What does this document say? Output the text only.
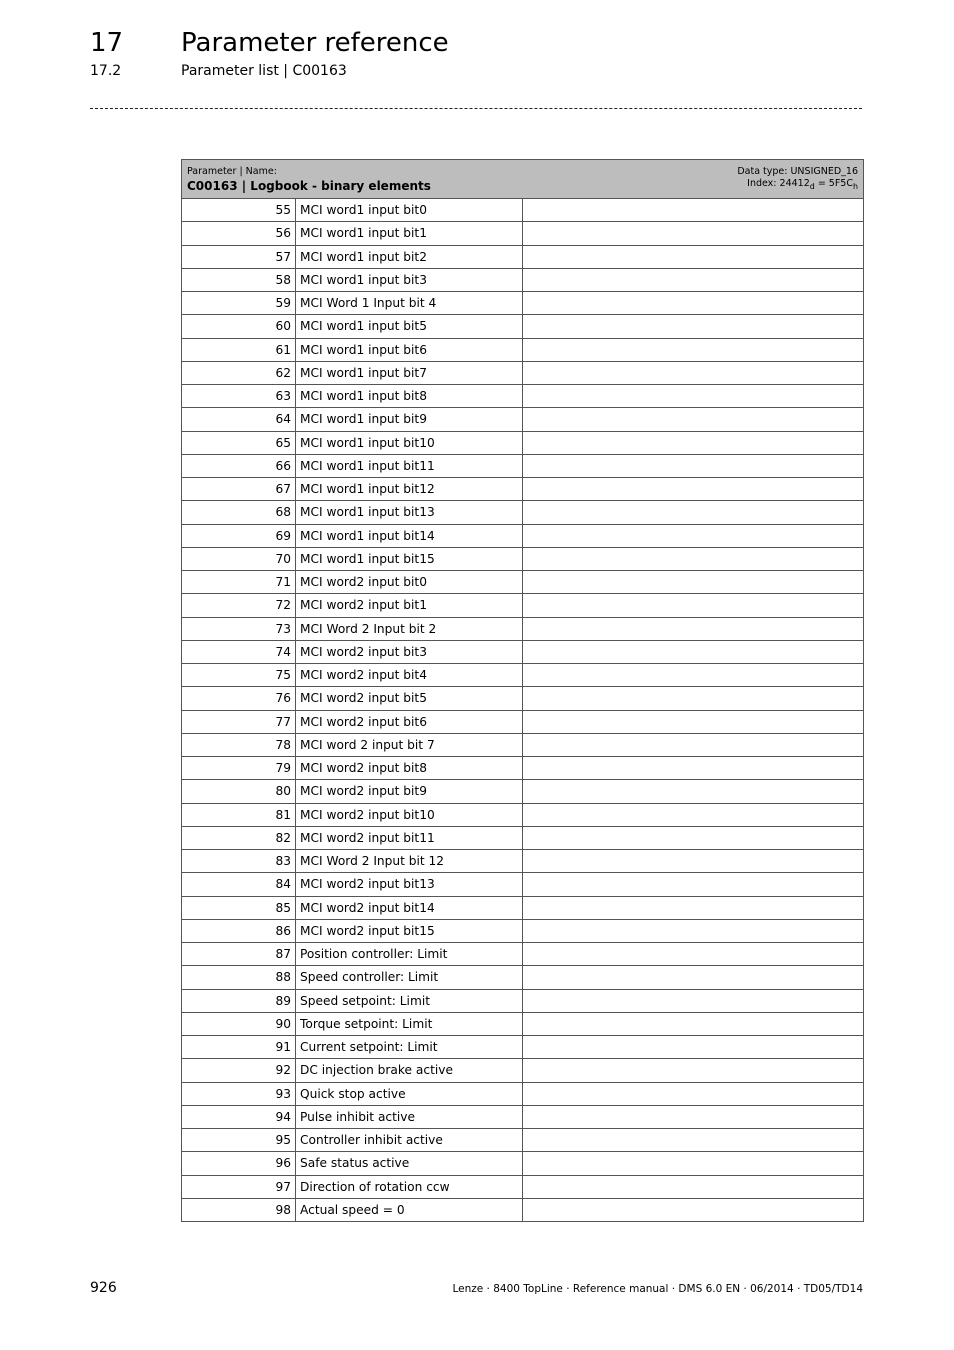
17 Parameter reference
17.2	Parameter list | C00163
Parameter | Name:
C00163 | Logbook - binary elements
Data type: UNSIGNED_16
Index: $24412_d = 5F5C_h$

55	MCI word1 input bit0	
56	MCI word1 input bit1	
57	MCI word1 input bit2	
58	MCI word1 input bit3	
59	MCI Word 1 Input bit 4	
60	MCI word1 input bit5	
61	MCI word1 input bit6	
62	MCI word1 input bit7	
63	MCI word1 input bit8	
64	MCI word1 input bit9	
65	MCI word1 input bit10	
66	MCI word1 input bit11	
67	MCI word1 input bit12	
68	MCI word1 input bit13	
69	MCI word1 input bit14	
70	MCI word1 input bit15	
71	MCI word2 input bit0	
72	MCI word2 input bit1	
73	MCI Word 2 Input bit 2	
74	MCI word2 input bit3	
75	MCI word2 input bit4	
76	MCI word2 input bit5	
77	MCI word2 input bit6	
78	MCI word 2 input bit 7	
79	MCI word2 input bit8	
80	MCI word2 input bit9	
81	MCI word2 input bit10	
82	MCI word2 input bit11	
83	MCI Word 2 Input bit 12	
84	MCI word2 input bit13	
85	MCI word2 input bit14	
86	MCI word2 input bit15	
87	Position controller: Limit	
88	Speed controller: Limit	
89	Speed setpoint: Limit	
90	Torque setpoint: Limit	
91	Current setpoint: Limit	
92	DC injection brake active	
93	Quick stop active	
94	Pulse inhibit active	
95	Controller inhibit active	
96	Safe status active	
97	Direction of rotation ccw	
98	Actual speed = 0	
926	Lenze · 8400 TopLine · Reference manual · DMS 6.0 EN · 06/2014 · TD05/TD14
